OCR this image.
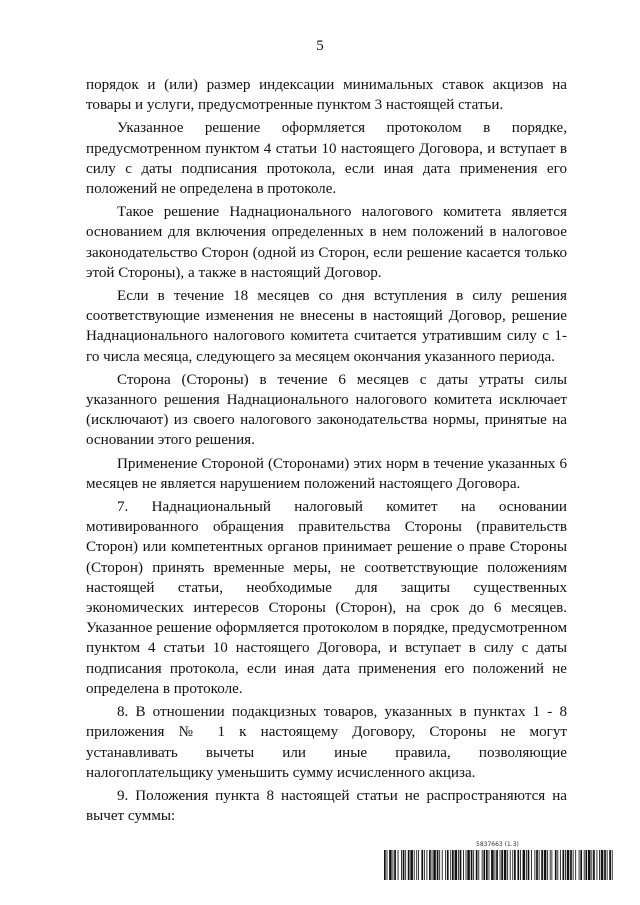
5

порядок и (или) размер индексации минимальных ставок акцизов на товары и услуги, предусмотренные пунктом 3 настоящей статьи.

Указанное решение оформляется протоколом в порядке, предусмотренном пунктом 4 статьи 10 настоящего Договора, и вступает в силу с даты подписания протокола, если иная дата применения его положений не определена в протоколе.

Такое решение Наднационального налогового комитета является основанием для включения определенных в нем положений в налоговое законодательство Сторон (одной из Сторон, если решение касается только этой Стороны), а также в настоящий Договор.

Если в течение 18 месяцев со дня вступления в силу решения соответствующие изменения не внесены в настоящий Договор, решение Наднационального налогового комитета считается утратившим силу с 1-го числа месяца, следующего за месяцем окончания указанного периода.

Сторона (Стороны) в течение 6 месяцев с даты утраты силы указанного решения Наднационального налогового комитета исключает (исключают) из своего налогового законодательства нормы, принятые на основании этого решения.

Применение Стороной (Сторонами) этих норм в течение указанных 6 месяцев не является нарушением положений настоящего Договора.

7. Наднациональный налоговый комитет на основании мотивированного обращения правительства Стороны (правительств Сторон) или компетентных органов принимает решение о праве Стороны (Сторон) принять временные меры, не соответствующие положениям настоящей статьи, необходимые для защиты существенных экономических интересов Стороны (Сторон), на срок до 6 месяцев. Указанное решение оформляется протоколом в порядке, предусмотренном пунктом 4 статьи 10 настоящего Договора, и вступает в силу с даты подписания протокола, если иная дата применения его положений не определена в протоколе.

8. В отношении подакцизных товаров, указанных в пунктах 1 - 8 приложения № 1 к настоящему Договору, Стороны не могут устанавливать вычеты или иные правила, позволяющие налогоплательщику уменьшить сумму исчисленного акциза.

9. Положения пункта 8 настоящей статьи не распространяются на вычет суммы:

5837663 (1.3)
